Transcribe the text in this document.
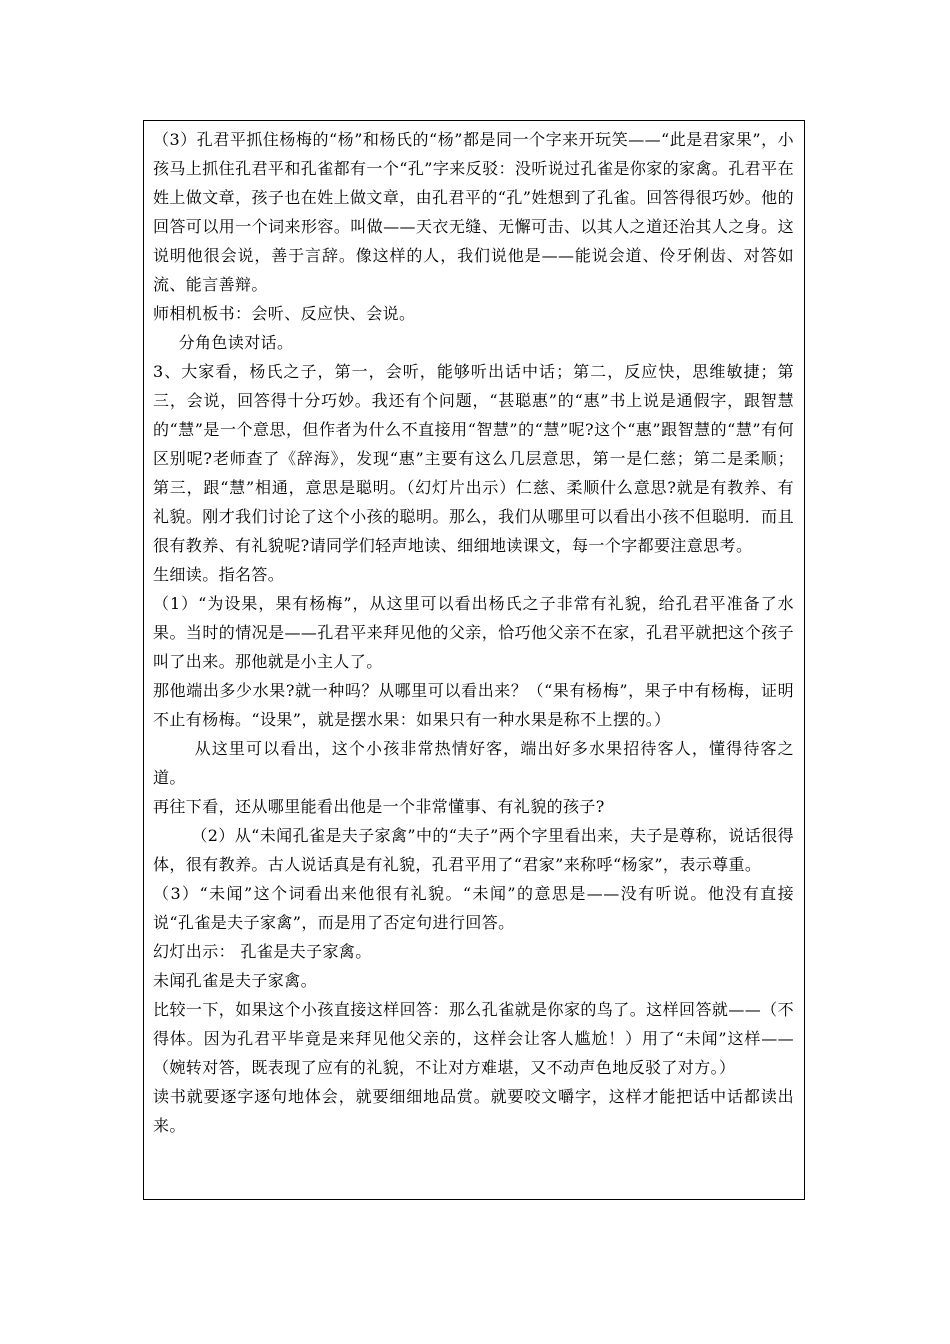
（3）孔君平抓住杨梅的“杨”和杨氏的“杨”都是同一个字来开玩笑——“此是君家果”，小孩马上抓住孔君平和孔雀都有一个“孔”字来反驳：没听说过孔雀是你家的家禽。孔君平在姓上做文章，孩子也在姓上做文章，由孔君平的“孔”姓想到了孔雀。回答得很巧妙。他的回答可以用一个词来形容。叫做——天衣无缝、无懈可击、以其人之道还治其人之身。这说明他很会说，善于言辞。像这样的人，我们说他是——能说会道、伶牙俐齿、对答如流、能言善辩。

师相机板书：会听、反应快、会说。

分角色读对话。

3、大家看，杨氏之子，第一，会听，能够听出话中话；第二，反应快，思维敏捷；第三，会说，回答得十分巧妙。我还有个问题，“甚聪惠”的“惠”书上说是通假字，跟智慧的“慧”是一个意思，但作者为什么不直接用“智慧”的“慧”呢?这个“惠”跟智慧的“慧”有何区别呢?老师查了《辞海》，发现“惠”主要有这么几层意思，第一是仁慈；第二是柔顺；第三，跟“慧”相通，意思是聪明。（幻灯片出示）仁慈、柔顺什么意思?就是有教养、有礼貌。刚才我们讨论了这个小孩的聪明。那么，我们从哪里可以看出小孩不但聪明．而且很有教养、有礼貌呢?请同学们轻声地读、细细地读课文，每一个字都要注意思考。

生细读。指名答。

（1）“为设果，果有杨梅”，从这里可以看出杨氏之子非常有礼貌，给孔君平准备了水果。当时的情况是——孔君平来拜见他的父亲，恰巧他父亲不在家，孔君平就把这个孩子叫了出来。那他就是小主人了。

那他端出多少水果?就一种吗？从哪里可以看出来？（“果有杨梅”，果子中有杨梅，证明不止有杨梅。“设果”，就是摆水果：如果只有一种水果是称不上摆的。）

从这里可以看出，这个小孩非常热情好客，端出好多水果招待客人，懂得待客之道。

再往下看，还从哪里能看出他是一个非常懂事、有礼貌的孩子?

（2）从“未闻孔雀是夫子家禽”中的“夫子”两个字里看出来，夫子是尊称，说话很得体，很有教养。古人说话真是有礼貌，孔君平用了“君家”来称呼“杨家”，表示尊重。

（3）“未闻”这个词看出来他很有礼貌。“未闻”的意思是——没有听说。他没有直接说“孔雀是夫子家禽”，而是用了否定句进行回答。

幻灯出示： 孔雀是夫子家禽。

未闻孔雀是夫子家禽。

比较一下，如果这个小孩直接这样回答：那么孔雀就是你家的鸟了。这样回答就——（不得体。因为孔君平毕竟是来拜见他父亲的，这样会让客人尴尬！）用了“未闻”这样——（婉转对答，既表现了应有的礼貌，不让对方难堪，又不动声色地反驳了对方。）

读书就要逐字逐句地体会，就要细细地品赏。就要咬文嚼字，这样才能把话中话都读出来。
